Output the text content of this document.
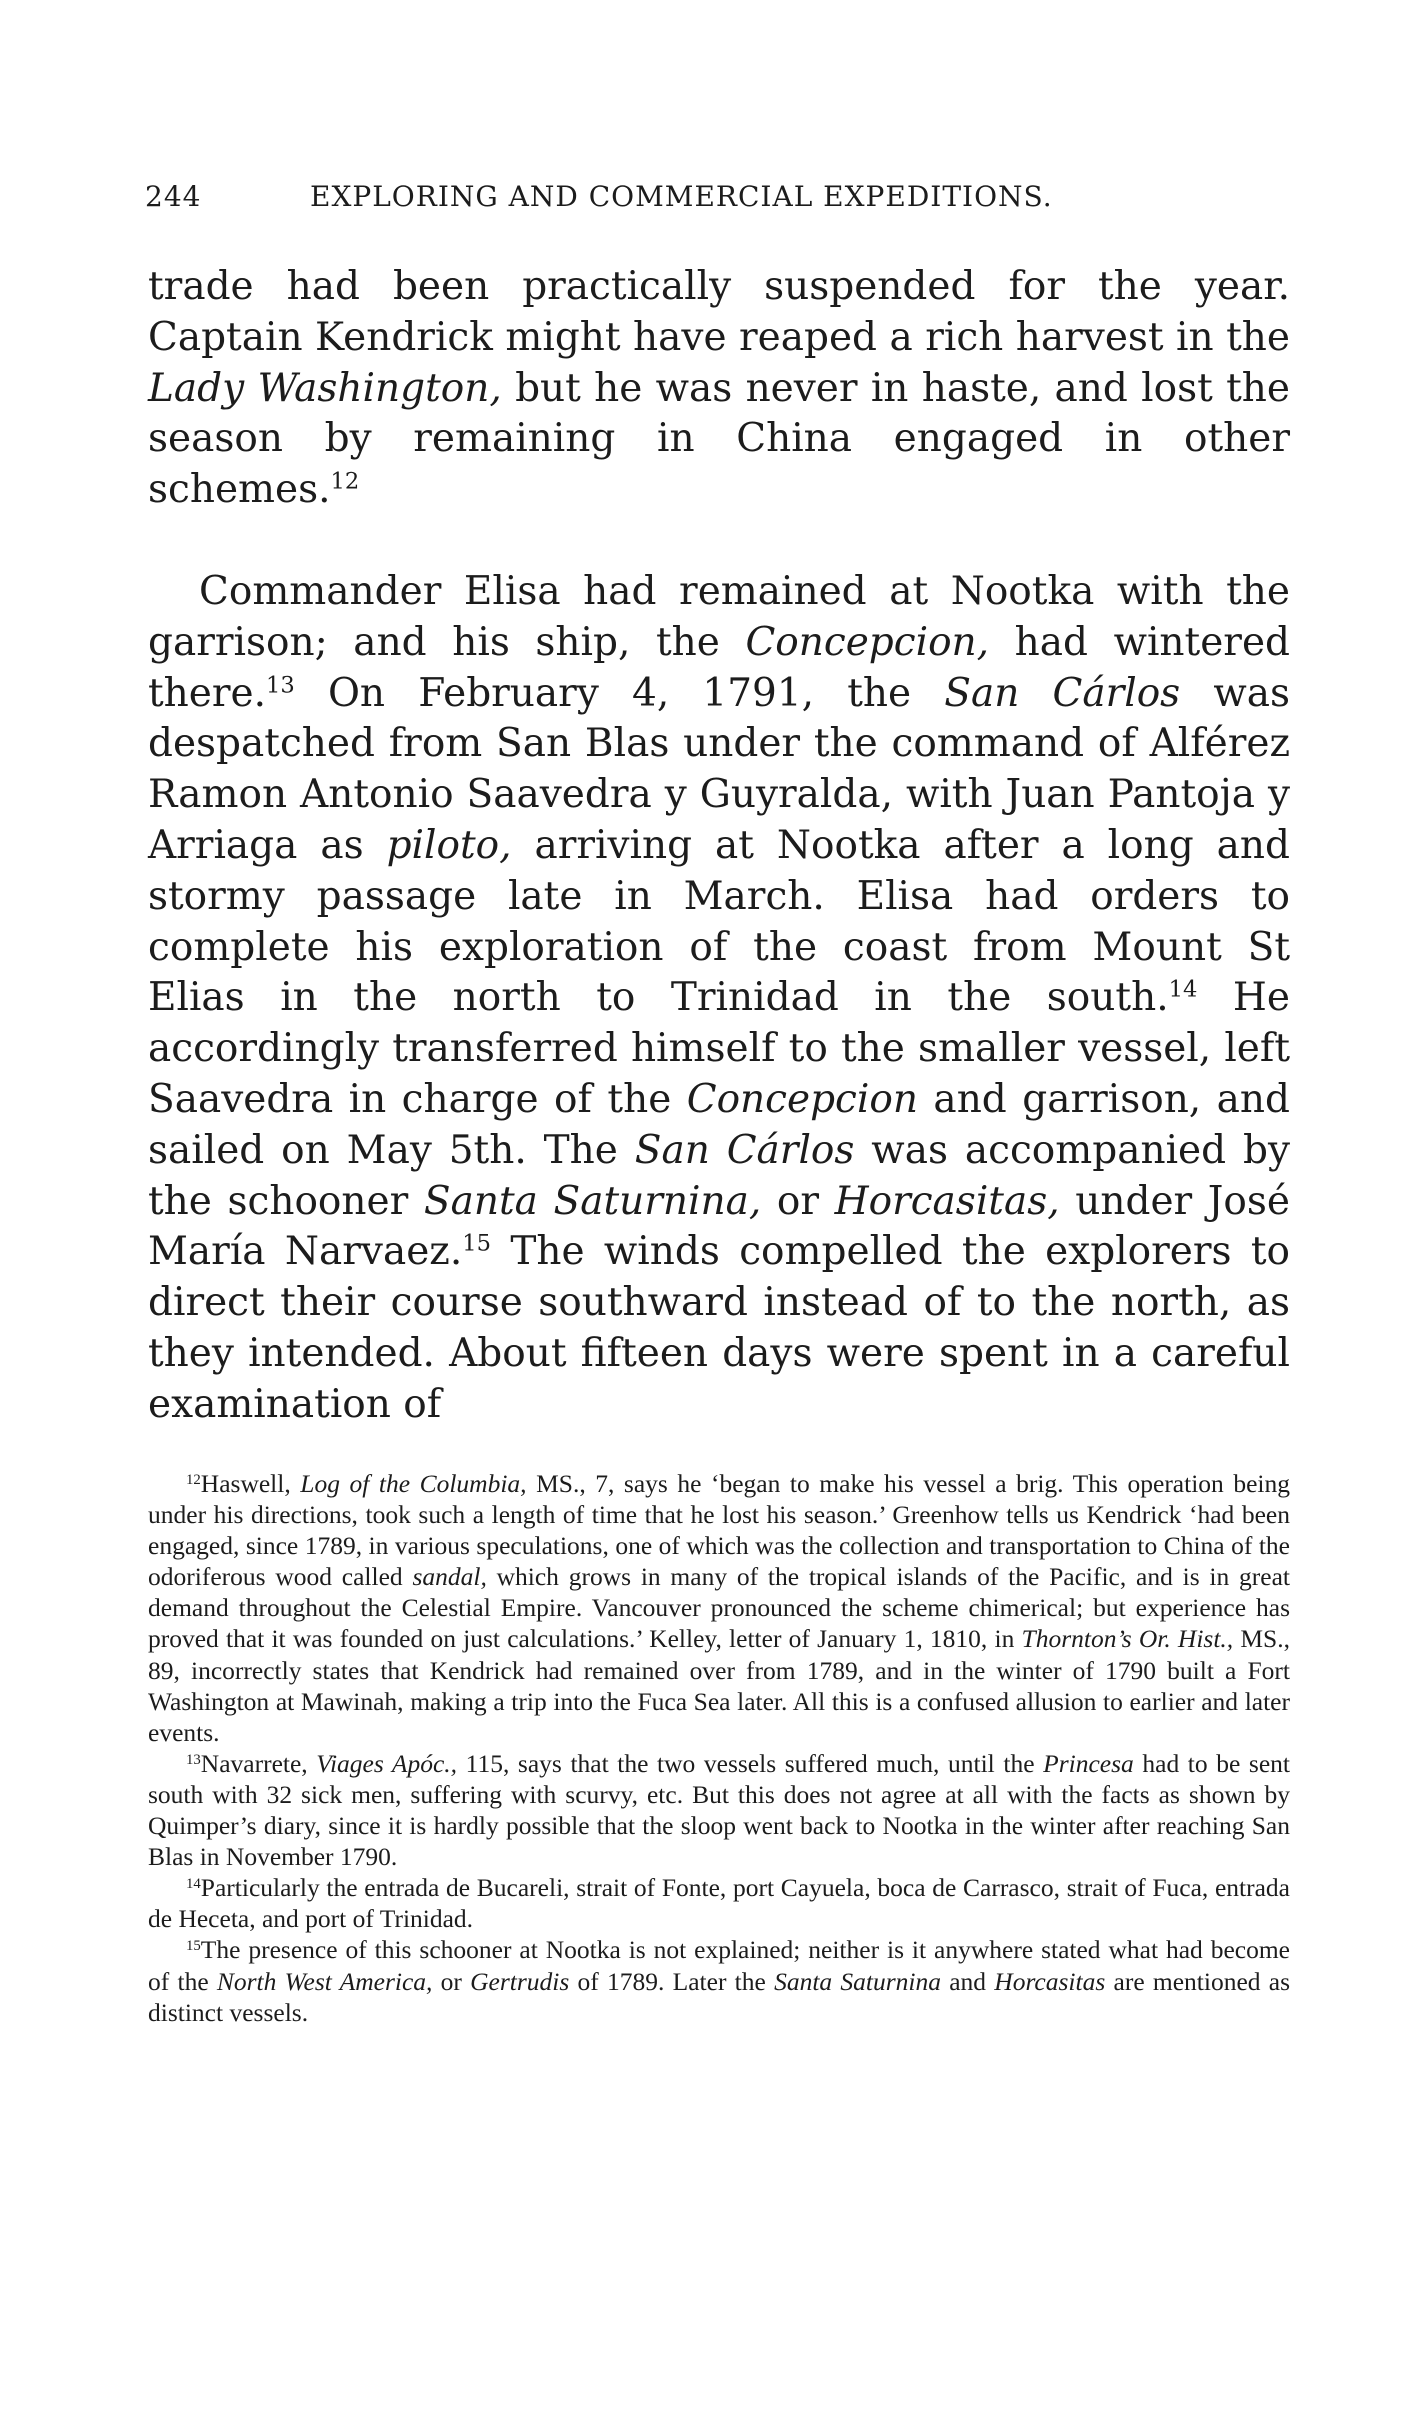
244	EXPLORING AND COMMERCIAL EXPEDITIONS.

trade had been practically suspended for the year. Captain Kendrick might have reaped a rich harvest in the Lady Washington, but he was never in haste, and lost the season by remaining in China engaged in other schemes.$^{12}$

Commander Elisa had remained at Nootka with the garrison; and his ship, the Concepcion, had wintered there.$^{13}$ On February 4, 1791, the San Cárlos was despatched from San Blas under the command of Alférez Ramon Antonio Saavedra y Guyralda, with Juan Pantoja y Arriaga as piloto, arriving at Nootka after a long and stormy passage late in March. Elisa had orders to complete his exploration of the coast from Mount St Elias in the north to Trinidad in the south.$^{14}$ He accordingly transferred himself to the smaller vessel, left Saavedra in charge of the Concepcion and garrison, and sailed on May 5th. The San Cárlos was accompanied by the schooner Santa Saturnina, or Horcasitas, under José María Narvaez.$^{15}$ The winds compelled the explorers to direct their course southward instead of to the north, as they intended. About fifteen days were spent in a careful examination of

$^{12}$Haswell, Log of the Columbia, MS., 7, says he ‘began to make his vessel a brig. This operation being under his directions, took such a length of time that he lost his season.’ Greenhow tells us Kendrick ‘had been engaged, since 1789, in various speculations, one of which was the collection and transportation to China of the odoriferous wood called sandal, which grows in many of the tropical islands of the Pacific, and is in great demand throughout the Celestial Empire. Vancouver pronounced the scheme chimerical; but experience has proved that it was founded on just calculations.’ Kelley, letter of January 1, 1810, in Thornton’s Or. Hist., MS., 89, incorrectly states that Kendrick had remained over from 1789, and in the winter of 1790 built a Fort Washington at Mawinah, making a trip into the Fuca Sea later. All this is a confused allusion to earlier and later events.

$^{13}$Navarrete, Viages Apóc., 115, says that the two vessels suffered much, until the Princesa had to be sent south with 32 sick men, suffering with scurvy, etc. But this does not agree at all with the facts as shown by Quimper’s diary, since it is hardly possible that the sloop went back to Nootka in the winter after reaching San Blas in November 1790.

$^{14}$Particularly the entrada de Bucareli, strait of Fonte, port Cayuela, boca de Carrasco, strait of Fuca, entrada de Heceta, and port of Trinidad.

$^{15}$The presence of this schooner at Nootka is not explained; neither is it anywhere stated what had become of the North West America, or Gertrudis of 1789. Later the Santa Saturnina and Horcasitas are mentioned as distinct vessels.
